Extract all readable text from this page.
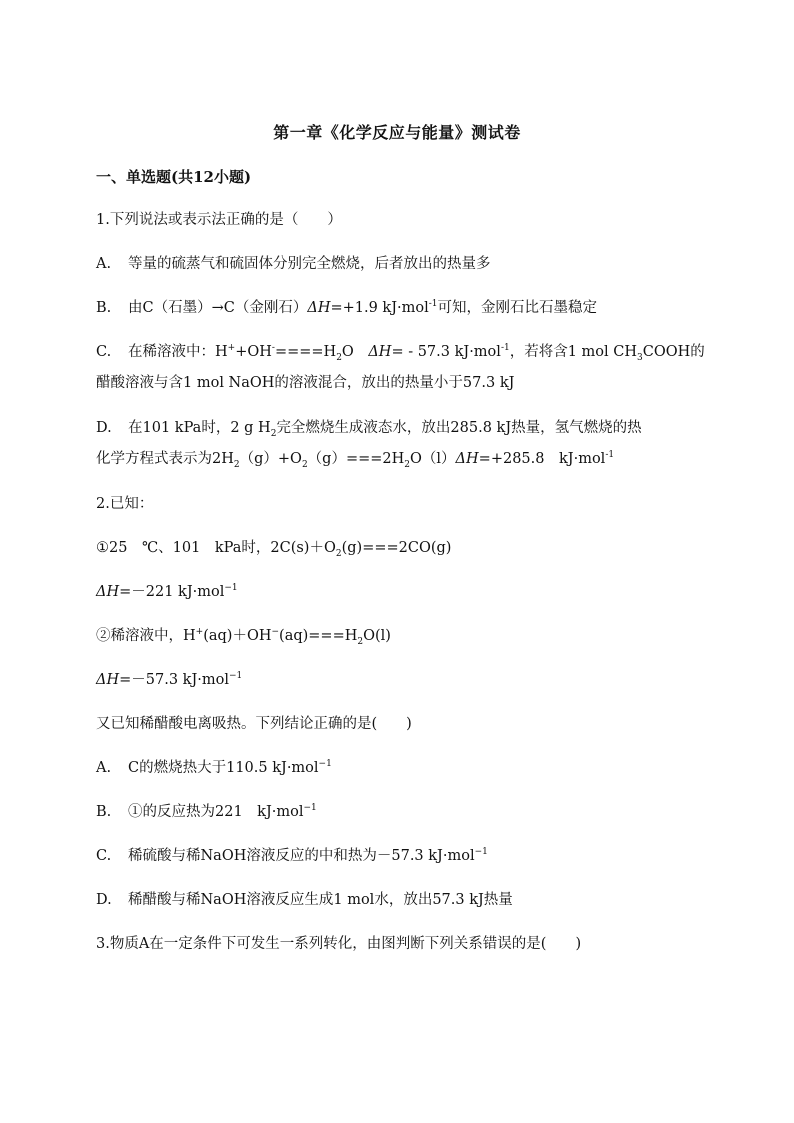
第一章《化学反应与能量》测试卷
一、单选题(共12小题)
1.下列说法或表示法正确的是（　　）
A. 等量的硫蒸气和硫固体分别完全燃烧，后者放出的热量多
B. 由C（石墨）→C（金刚石）ΔH=+1.9 kJ·mol$^{-1}$可知，金刚石比石墨稳定
C. 在稀溶液中：$H^++OH^-====H_2O$　ΔH= - 57.3 kJ·mol$^{-1}$，若将含1 mol $CH_3COOH$的
醋酸溶液与含1 mol NaOH的溶液混合，放出的热量小于57.3 kJ
D. 在101 kPa时，2 g $H_2$完全燃烧生成液态水，放出285.8 kJ热量，氢气燃烧的热
化学方程式表示为$2H_2(g)+O_2(g)===2H_2O(l)\Delta H=+285.8$　kJ·mol$^{-1}$
2.已知：
①25　℃、101　kPa时，$2C(s)+O_2(g)===2CO(g)$
ΔH=－221 kJ·mol$^{-1}$
②稀溶液中，$H^+(aq)+OH^-(aq)===H_2O(l)$
ΔH=－57.3 kJ·mol$^{-1}$
又已知稀醋酸电离吸热。下列结论正确的是(　　)
A. C的燃烧热大于110.5 kJ·mol$^{-1}$
B. ①的反应热为221　kJ·mol$^{-1}$
C. 稀硫酸与稀NaOH溶液反应的中和热为－57.3 kJ·mol$^{-1}$
D. 稀醋酸与稀NaOH溶液反应生成1 mol水，放出57.3 kJ热量
3.物质A在一定条件下可发生一系列转化，由图判断下列关系错误的是(　　)
